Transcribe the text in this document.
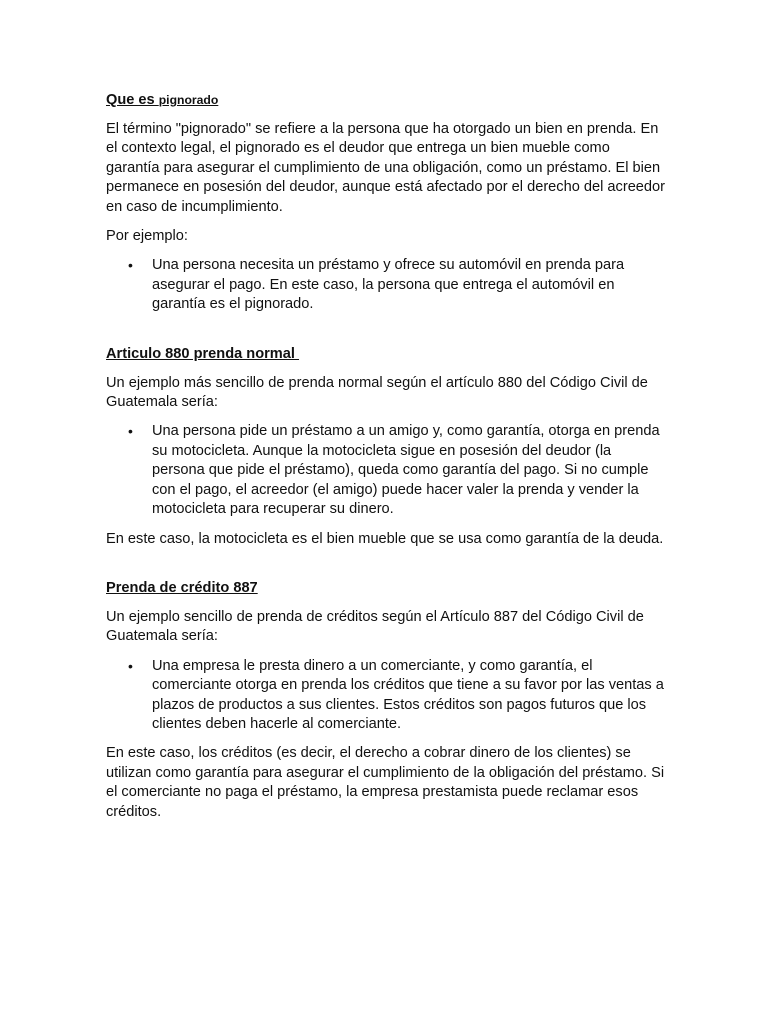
Que es pignorado

El término "pignorado" se refiere a la persona que ha otorgado un bien en prenda. En el contexto legal, el pignorado es el deudor que entrega un bien mueble como garantía para asegurar el cumplimiento de una obligación, como un préstamo. El bien permanece en posesión del deudor, aunque está afectado por el derecho del acreedor en caso de incumplimiento.

Por ejemplo:

• Una persona necesita un préstamo y ofrece su automóvil en prenda para asegurar el pago. En este caso, la persona que entrega el automóvil en garantía es el pignorado.
Articulo 880 prenda normal

Un ejemplo más sencillo de prenda normal según el artículo 880 del Código Civil de Guatemala sería:

• Una persona pide un préstamo a un amigo y, como garantía, otorga en prenda su motocicleta. Aunque la motocicleta sigue en posesión del deudor (la persona que pide el préstamo), queda como garantía del pago. Si no cumple con el pago, el acreedor (el amigo) puede hacer valer la prenda y vender la motocicleta para recuperar su dinero.

En este caso, la motocicleta es el bien mueble que se usa como garantía de la deuda.

Prenda de crédito 887

Un ejemplo sencillo de prenda de créditos según el Artículo 887 del Código Civil de Guatemala sería:

• Una empresa le presta dinero a un comerciante, y como garantía, el comerciante otorga en prenda los créditos que tiene a su favor por las ventas a plazos de productos a sus clientes. Estos créditos son pagos futuros que los clientes deben hacerle al comerciante.

En este caso, los créditos (es decir, el derecho a cobrar dinero de los clientes) se utilizan como garantía para asegurar el cumplimiento de la obligación del préstamo. Si el comerciante no paga el préstamo, la empresa prestamista puede reclamar esos créditos.
